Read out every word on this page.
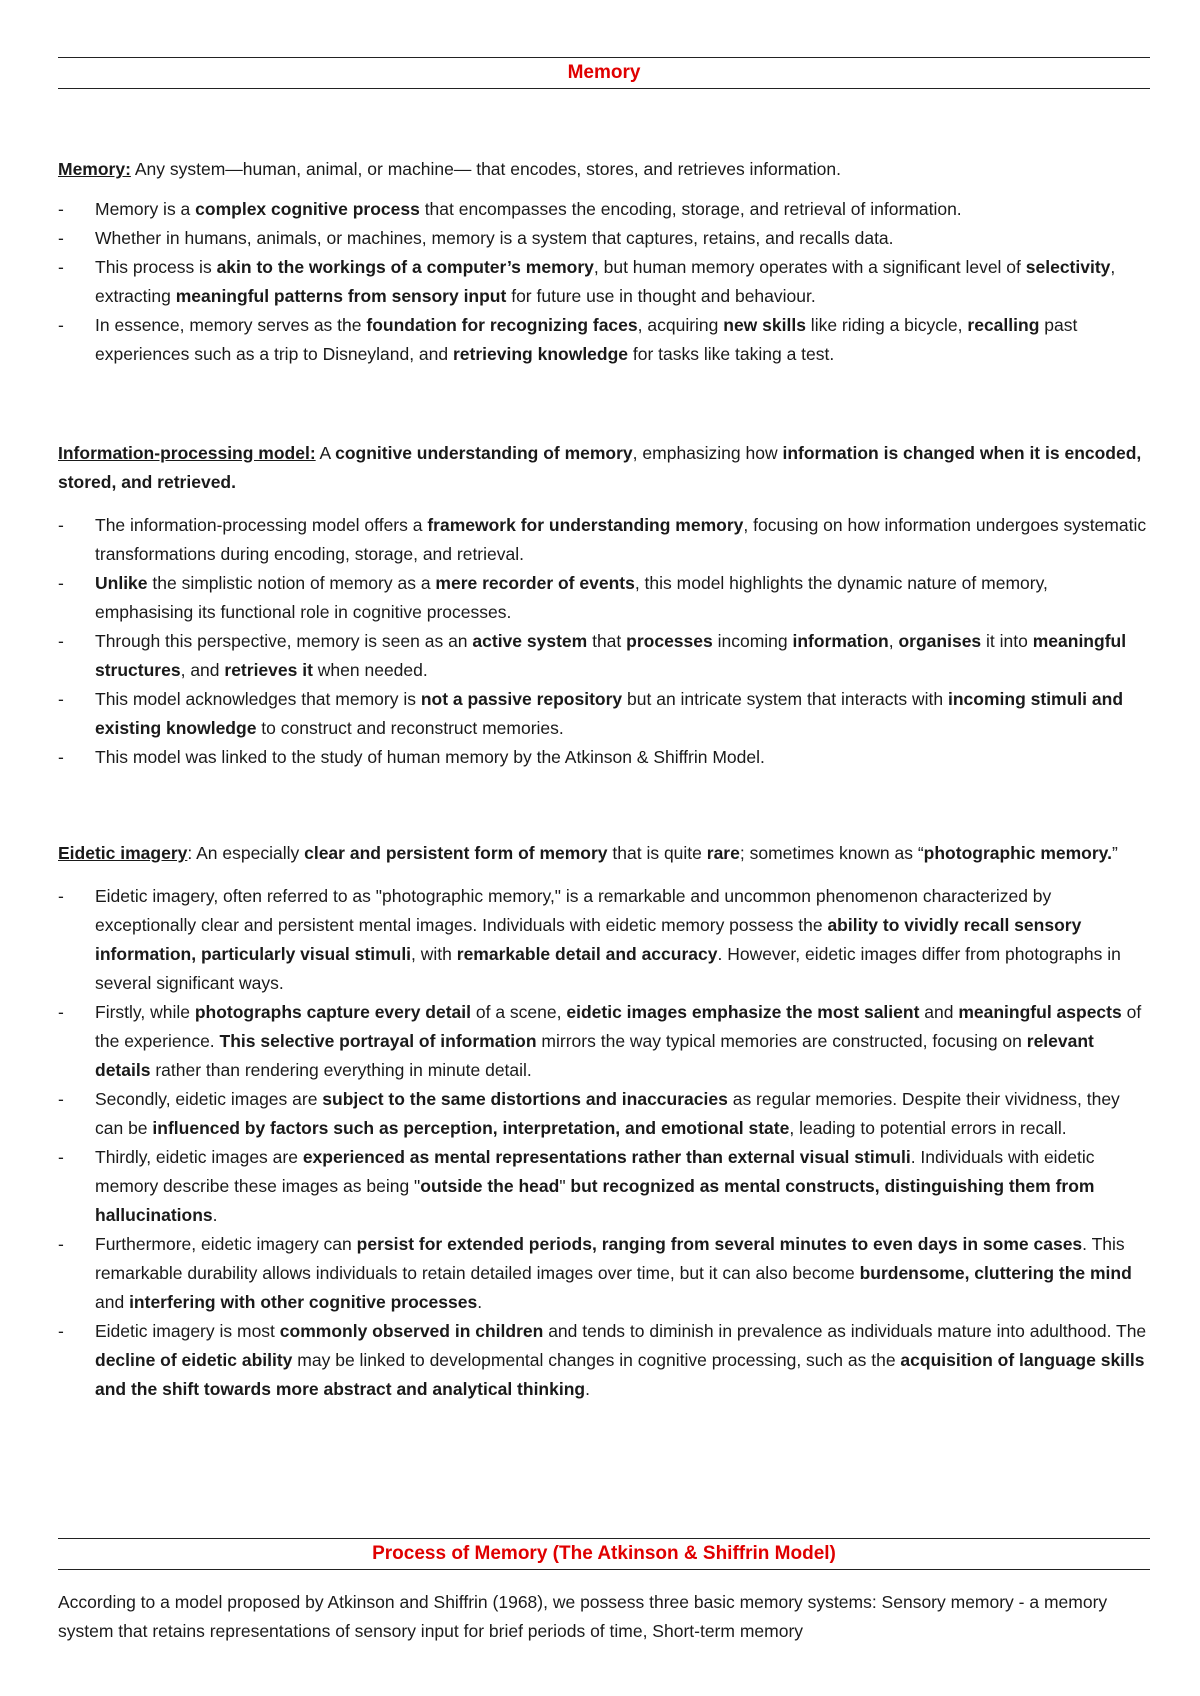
Memory

Memory: Any system—human, animal, or machine— that encodes, stores, and retrieves information.

- Memory is a complex cognitive process that encompasses the encoding, storage, and retrieval of information.
- Whether in humans, animals, or machines, memory is a system that captures, retains, and recalls data.
- This process is akin to the workings of a computer’s memory, but human memory operates with a significant level of selectivity, extracting meaningful patterns from sensory input for future use in thought and behaviour.
- In essence, memory serves as the foundation for recognizing faces, acquiring new skills like riding a bicycle, recalling past experiences such as a trip to Disneyland, and retrieving knowledge for tasks like taking a test.

Information-processing model: A cognitive understanding of memory, emphasizing how information is changed when it is encoded, stored, and retrieved.

- The information-processing model offers a framework for understanding memory, focusing on how information undergoes systematic transformations during encoding, storage, and retrieval.
- Unlike the simplistic notion of memory as a mere recorder of events, this model highlights the dynamic nature of memory, emphasising its functional role in cognitive processes.
- Through this perspective, memory is seen as an active system that processes incoming information, organises it into meaningful structures, and retrieves it when needed.
- This model acknowledges that memory is not a passive repository but an intricate system that interacts with incoming stimuli and existing knowledge to construct and reconstruct memories.
- This model was linked to the study of human memory by the Atkinson & Shiffrin Model.

Eidetic imagery: An especially clear and persistent form of memory that is quite rare; sometimes known as “photographic memory.”

- Eidetic imagery, often referred to as "photographic memory," is a remarkable and uncommon phenomenon characterized by exceptionally clear and persistent mental images. Individuals with eidetic memory possess the ability to vividly recall sensory information, particularly visual stimuli, with remarkable detail and accuracy. However, eidetic images differ from photographs in several significant ways.
- Firstly, while photographs capture every detail of a scene, eidetic images emphasize the most salient and meaningful aspects of the experience. This selective portrayal of information mirrors the way typical memories are constructed, focusing on relevant details rather than rendering everything in minute detail.
- Secondly, eidetic images are subject to the same distortions and inaccuracies as regular memories. Despite their vividness, they can be influenced by factors such as perception, interpretation, and emotional state, leading to potential errors in recall.
- Thirdly, eidetic images are experienced as mental representations rather than external visual stimuli. Individuals with eidetic memory describe these images as being "outside the head" but recognized as mental constructs, distinguishing them from hallucinations.
- Furthermore, eidetic imagery can persist for extended periods, ranging from several minutes to even days in some cases. This remarkable durability allows individuals to retain detailed images over time, but it can also become burdensome, cluttering the mind and interfering with other cognitive processes.
- Eidetic imagery is most commonly observed in children and tends to diminish in prevalence as individuals mature into adulthood. The decline of eidetic ability may be linked to developmental changes in cognitive processing, such as the acquisition of language skills and the shift towards more abstract and analytical thinking.
Process of Memory (The Atkinson & Shiffrin Model)

According to a model proposed by Atkinson and Shiffrin (1968), we possess three basic memory systems: Sensory memory - a memory system that retains representations of sensory input for brief periods of time, Short-term memory
